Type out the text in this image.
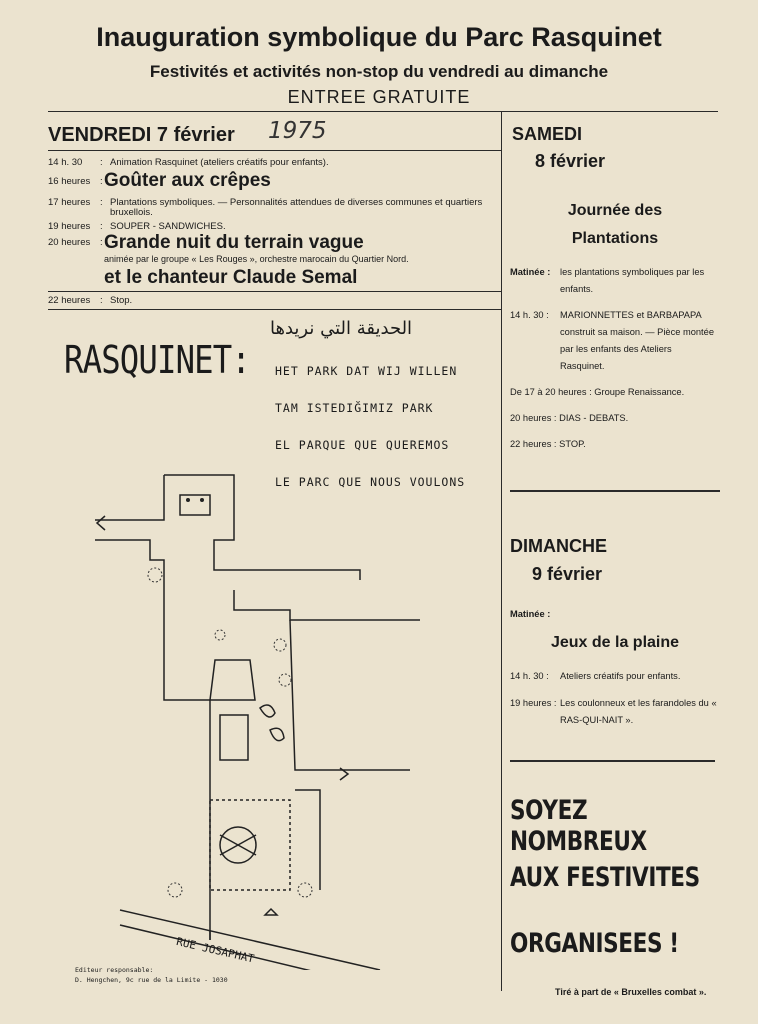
Inauguration symbolique du Parc Rasquinet
Festivités et activités non-stop du vendredi au dimanche
ENTREE GRATUITE
VENDREDI 7 février 1975
14 h. 30 : Animation Rasquinet (ateliers créatifs pour enfants).
16 heures : Goûter aux crêpes
17 heures : Plantations symboliques. — Personnalités attendues de diverses communes et quartiers
bruxellois.
19 heures : SOUPER - SANDWICHES.
20 heures : Grande nuit du terrain vague
animée par le groupe « Les Rouges », orchestre marocain du Quartier Nord.
et le chanteur Claude Semal
22 heures : Stop.
الحديقة التي نريدها
RASQUINET: HET PARK DAT WIJ WILLEN
TAM ISTEDIĞIMIZ PARK
EL PARQUE QUE QUEREMOS
LE PARC QUE NOUS VOULONS
RUE JOSAPHAT
Editeur responsable:
D. Hengchen, 9c rue de la Limite - 1030
SAMEDI
8 février
Journée des
Plantations
Matinée : les plantations symboliques par les enfants.
14 h. 30 : MARIONNETTES et BARBAPAPA construit sa maison. — Pièce montée par les enfants des Ateliers Rasquinet.
De 17 à 20 heures : Groupe Renaissance.
20 heures : DIAS - DEBATS.
22 heures : STOP.
DIMANCHE
9 février
Matinée :
Jeux de la plaine
14 h. 30 : Ateliers créatifs pour enfants.
19 heures : Les coulonneux et les farandoles du « RAS-QUI-NAIT ».
SOYEZ NOMBREUX
AUX FESTIVITES
ORGANISEES !
Tiré à part de « Bruxelles combat ».
